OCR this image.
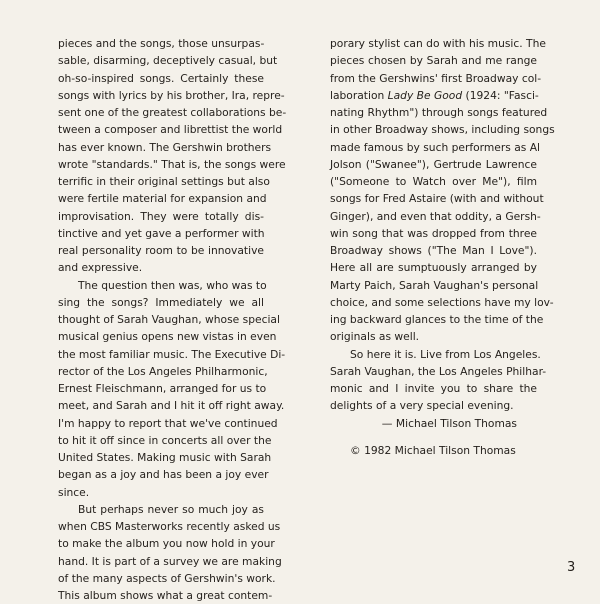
pieces and the songs, those unsurpas-
sable, disarming, deceptively casual, but
oh-so-inspired songs. Certainly these
songs with lyrics by his brother, Ira, repre-
sent one of the greatest collaborations be-
tween a composer and librettist the world
has ever known. The Gershwin brothers
wrote "standards." That is, the songs were
terrific in their original settings but also
were fertile material for expansion and
improvisation. They were totally dis-
tinctive and yet gave a performer with
real personality room to be innovative
and expressive.

The question then was, who was to
sing the songs? Immediately we all
thought of Sarah Vaughan, whose special
musical genius opens new vistas in even
the most familiar music. The Executive Di-
rector of the Los Angeles Philharmonic,
Ernest Fleischmann, arranged for us to
meet, and Sarah and I hit it off right away.
I'm happy to report that we've continued
to hit it off since in concerts all over the
United States. Making music with Sarah
began as a joy and has been a joy ever
since.

But perhaps never so much joy as
when CBS Masterworks recently asked us
to make the album you now hold in your
hand. It is part of a survey we are making
of the many aspects of Gershwin's work.
This album shows what a great contem-

porary stylist can do with his music. The
pieces chosen by Sarah and me range
from the Gershwins' first Broadway col-
laboration Lady Be Good (1924: "Fasci-
nating Rhythm") through songs featured
in other Broadway shows, including songs
made famous by such performers as Al
Jolson ("Swanee"), Gertrude Lawrence
("Someone to Watch over Me"), film
songs for Fred Astaire (with and without
Ginger), and even that oddity, a Gersh-
win song that was dropped from three
Broadway shows ("The Man I Love").
Here all are sumptuously arranged by
Marty Paich, Sarah Vaughan's personal
choice, and some selections have my lov-
ing backward glances to the time of the
originals as well.

So here it is. Live from Los Angeles.
Sarah Vaughan, the Los Angeles Philhar-
monic and I invite you to share the
delights of a very special evening.

— Michael Tilson Thomas
© 1982 Michael Tilson Thomas
3
